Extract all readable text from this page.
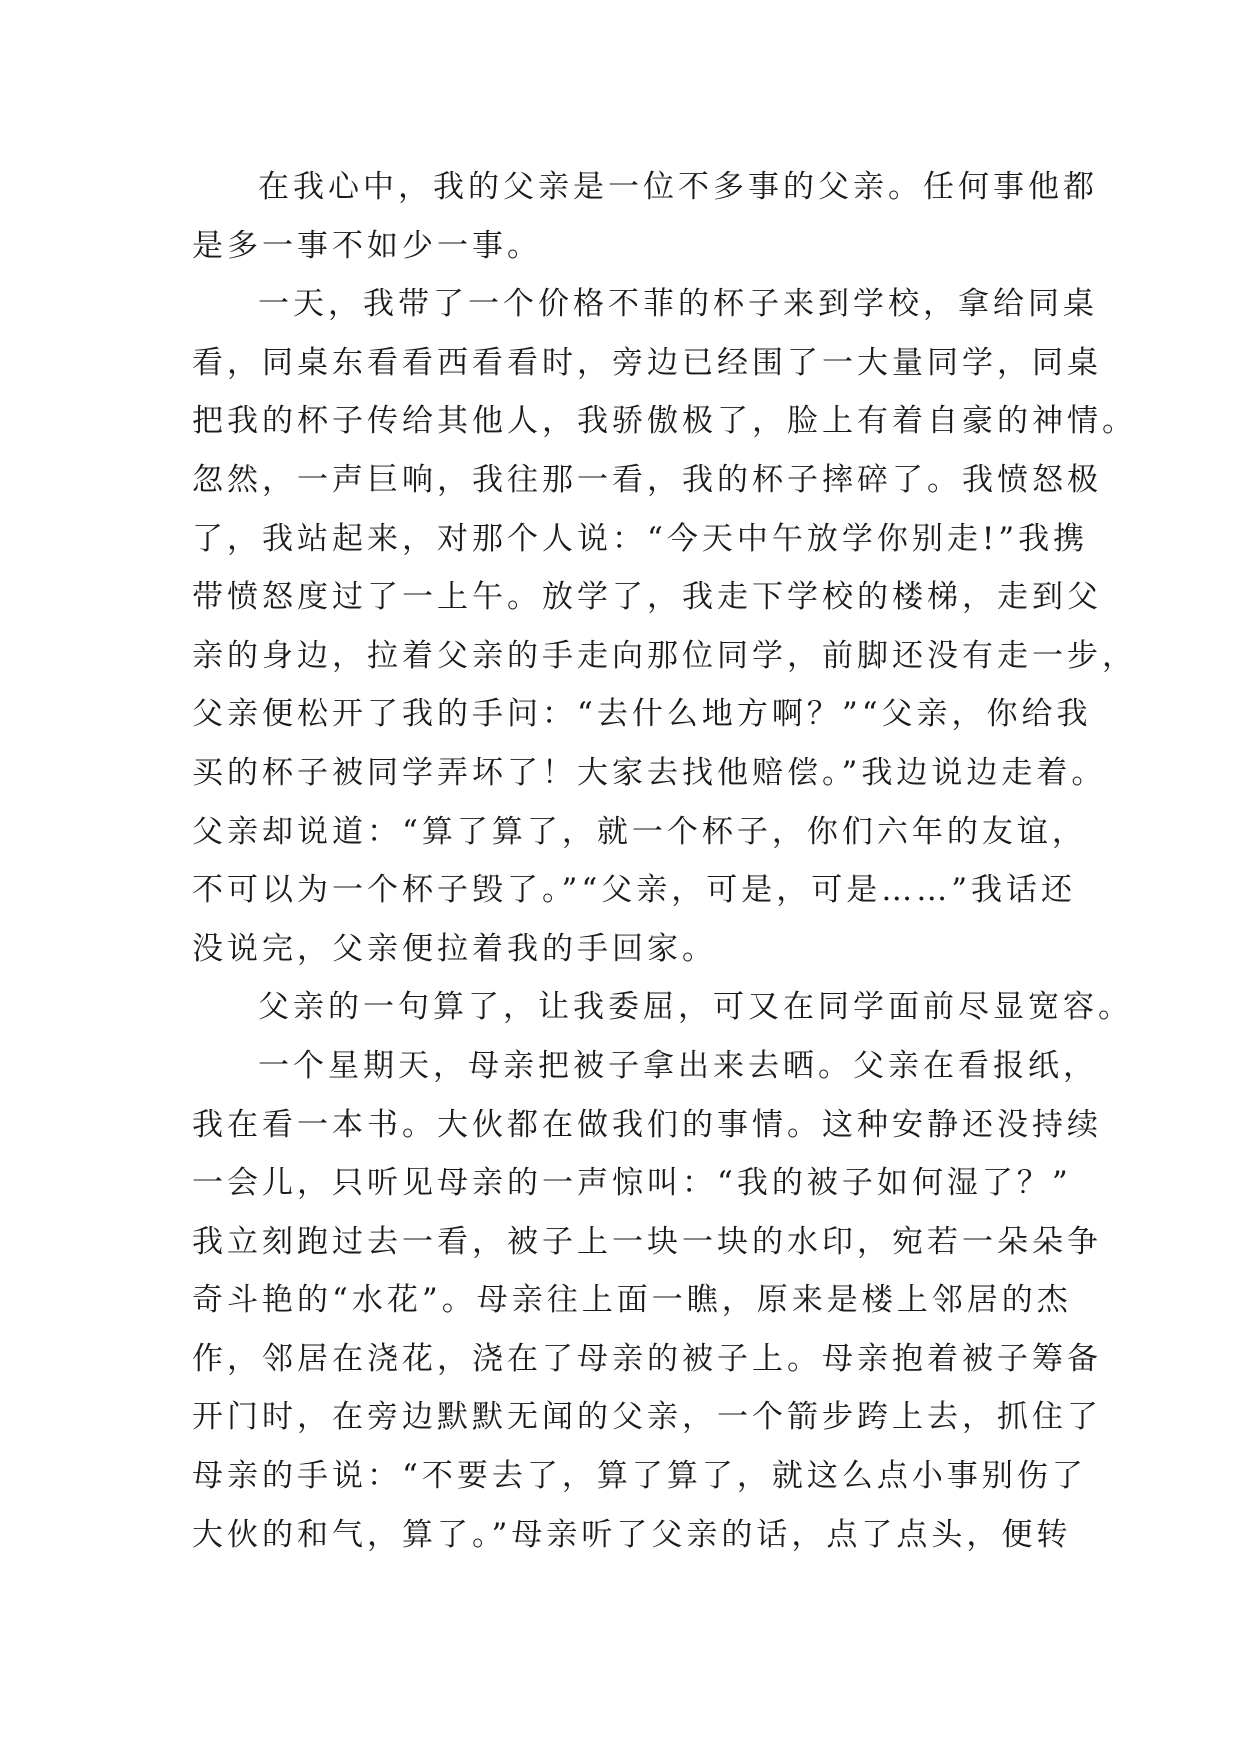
在我心中，我的父亲是一位不多事的父亲。任何事他都
是多一事不如少一事。
一天，我带了一个价格不菲的杯子来到学校，拿给同桌
看，同桌东看看西看看时，旁边已经围了一大量同学，同桌
把我的杯子传给其他人，我骄傲极了，脸上有着自豪的神情。
忽然，一声巨响，我往那一看，我的杯子摔碎了。我愤怒极
了，我站起来，对那个人说：“今天中午放学你别走!”我携
带愤怒度过了一上午。放学了，我走下学校的楼梯，走到父
亲的身边，拉着父亲的手走向那位同学，前脚还没有走一步，
父亲便松开了我的手问：“去什么地方啊？”“父亲，你给我
买的杯子被同学弄坏了！大家去找他赔偿。”我边说边走着。
父亲却说道：“算了算了，就一个杯子，你们六年的友谊，
不可以为一个杯子毁了。”“父亲，可是，可是……”我话还
没说完，父亲便拉着我的手回家。
父亲的一句算了，让我委屈，可又在同学面前尽显宽容。
一个星期天，母亲把被子拿出来去晒。父亲在看报纸，
我在看一本书。大伙都在做我们的事情。这种安静还没持续
一会儿，只听见母亲的一声惊叫：“我的被子如何湿了？”
我立刻跑过去一看，被子上一块一块的水印，宛若一朵朵争
奇斗艳的“水花”。母亲往上面一瞧，原来是楼上邻居的杰
作，邻居在浇花，浇在了母亲的被子上。母亲抱着被子筹备
开门时，在旁边默默无闻的父亲，一个箭步跨上去，抓住了
母亲的手说：“不要去了，算了算了，就这么点小事别伤了
大伙的和气，算了。”母亲听了父亲的话，点了点头，便转
